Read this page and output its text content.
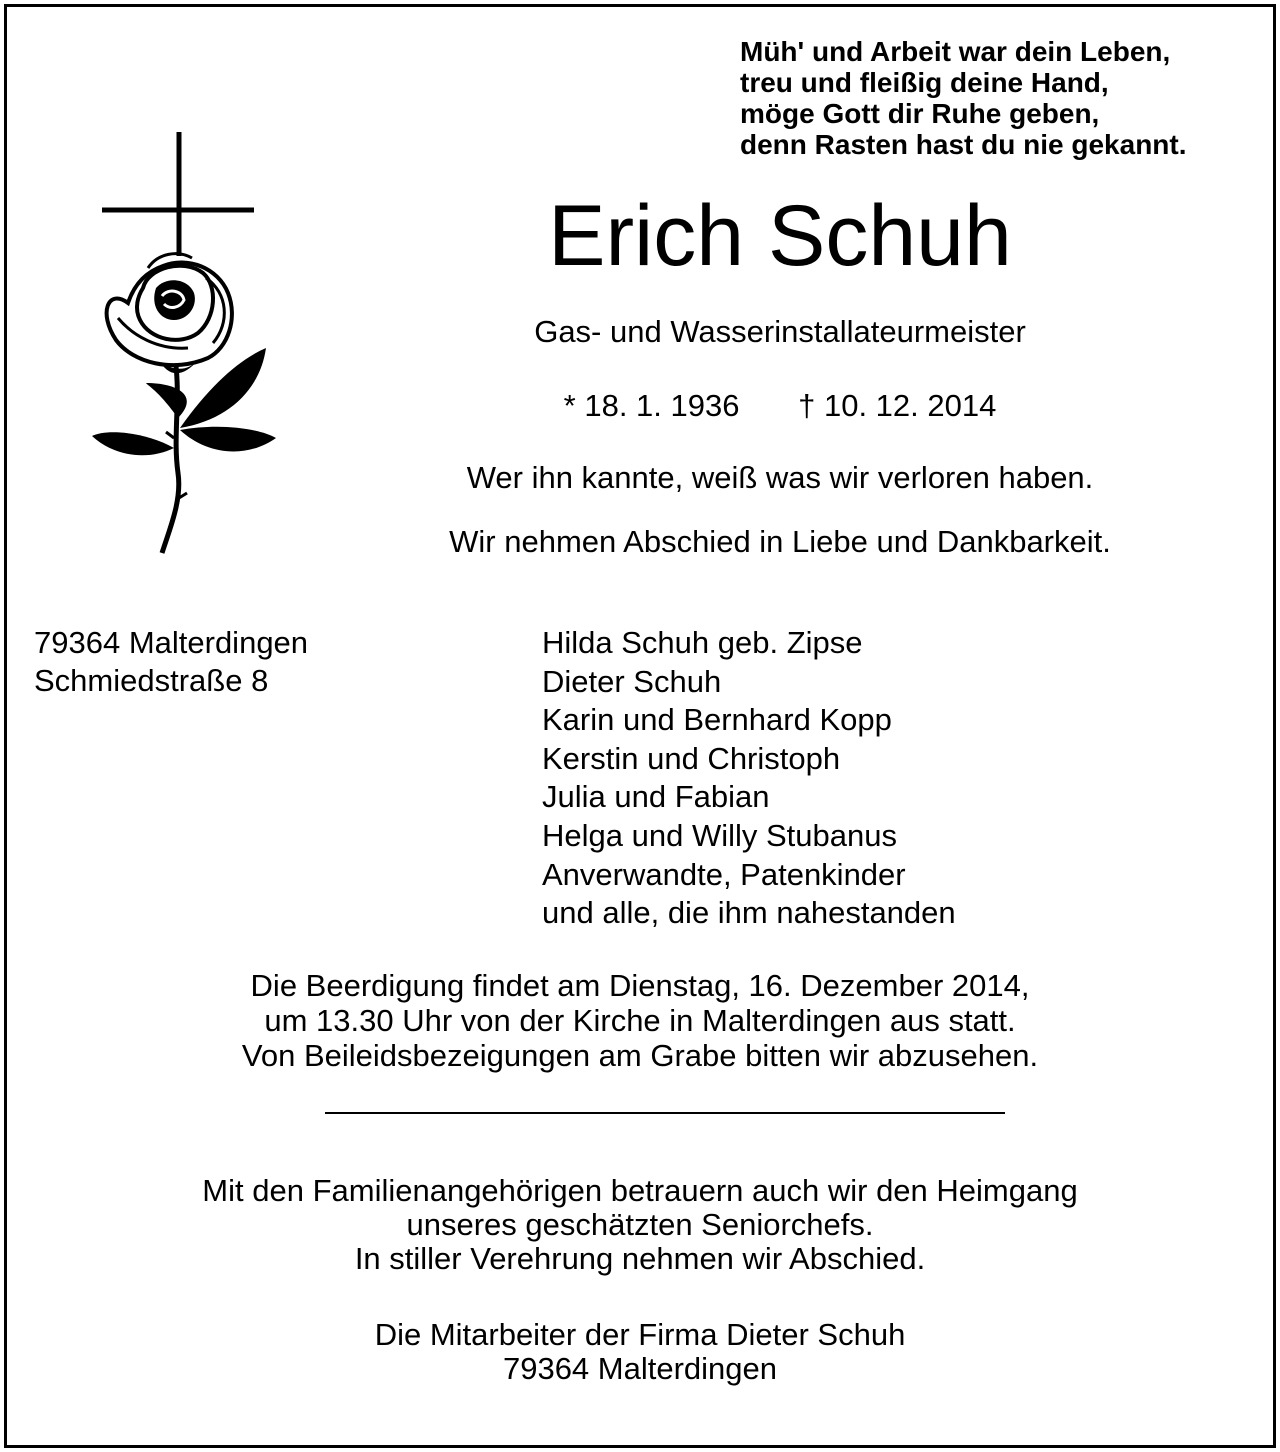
Müh' und Arbeit war dein Leben,
treu und fleißig deine Hand,
möge Gott dir Ruhe geben,
denn Rasten hast du nie gekannt.
Erich Schuh
Gas- und Wasserinstallateurmeister
* 18. 1. 1936 † 10. 12. 2014
Wer ihn kannte, weiß was wir verloren haben.
Wir nehmen Abschied in Liebe und Dankbarkeit.
79364 Malterdingen
Schmiedstraße 8
Hilda Schuh geb. Zipse
Dieter Schuh
Karin und Bernhard Kopp
Kerstin und Christoph
Julia und Fabian
Helga und Willy Stubanus
Anverwandte, Patenkinder
und alle, die ihm nahestanden
Die Beerdigung findet am Dienstag, 16. Dezember 2014,
um 13.30 Uhr von der Kirche in Malterdingen aus statt.
Von Beileidsbezeigungen am Grabe bitten wir abzusehen.
Mit den Familienangehörigen betrauern auch wir den Heimgang
unseres geschätzten Seniorchefs.
In stiller Verehrung nehmen wir Abschied.
Die Mitarbeiter der Firma Dieter Schuh
79364 Malterdingen
